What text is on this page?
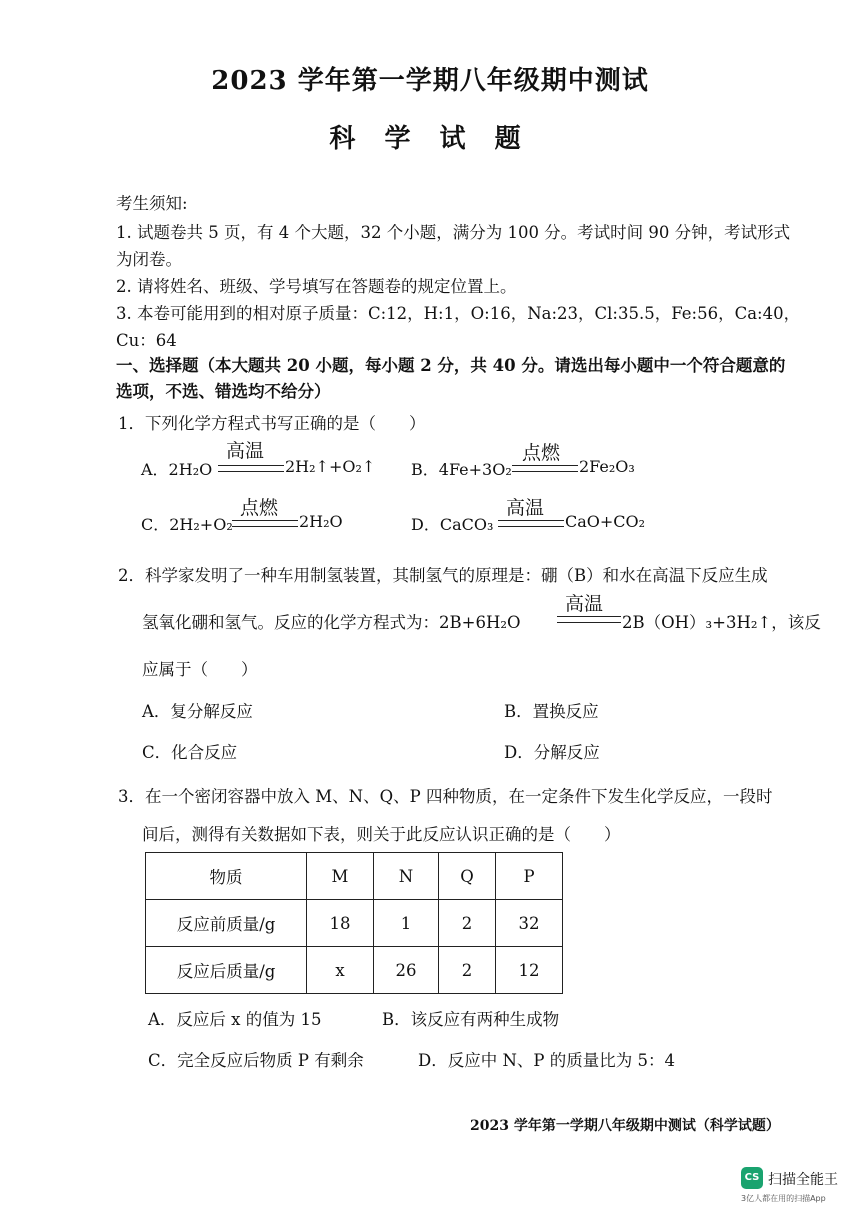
2023 学年第一学期八年级期中测试
科 学 试 题
考生须知:
1. 试题卷共 5 页，有 4 个大题，32 个小题，满分为 100 分。考试时间 90 分钟，考试形式
为闭卷。
2. 请将姓名、班级、学号填写在答题卷的规定位置上。
3. 本卷可能用到的相对原子质量：C:12，H:1，O:16，Na:23，Cl:35.5，Fe:56，Ca:40，
Cu：64
一、选择题（本大题共 20 小题，每小题 2 分，共 40 分。请选出每小题中一个符合题意的
选项，不选、错选均不给分）
1．下列化学方程式书写正确的是（　　）
A．2H₂O
高温
2H₂↑+O₂↑ B．4Fe+3O₂
点燃
2Fe₂O₃
C．2H₂+O₂
点燃
2H₂O	D．CaCO₃
高温
CaO+CO₂
2．科学家发明了一种车用制氢装置，其制氢气的原理是：硼（B）和水在高温下反应生成
氢氧化硼和氢气。反应的化学方程式为：2B+6H₂O
高温
2B（OH）₃+3H₂↑，该反
应属于（　　）
A．复分解反应	B．置换反应
C．化合反应	D．分解反应
3．在一个密闭容器中放入 M、N、Q、P 四种物质，在一定条件下发生化学反应，一段时
间后，测得有关数据如下表，则关于此反应认识正确的是（　　）
物质	M	N	Q	P
反应前质量/g	18	1	2	32
反应后质量/g	x	26	2	12
A．反应后 x 的值为 15	B．该反应有两种生成物
C．完全反应后物质 P 有剩余	D．反应中 N、P 的质量比为 5：4
2023 学年第一学期八年级期中测试（科学试题）
CS 扫描全能王
3亿人都在用的扫描App
